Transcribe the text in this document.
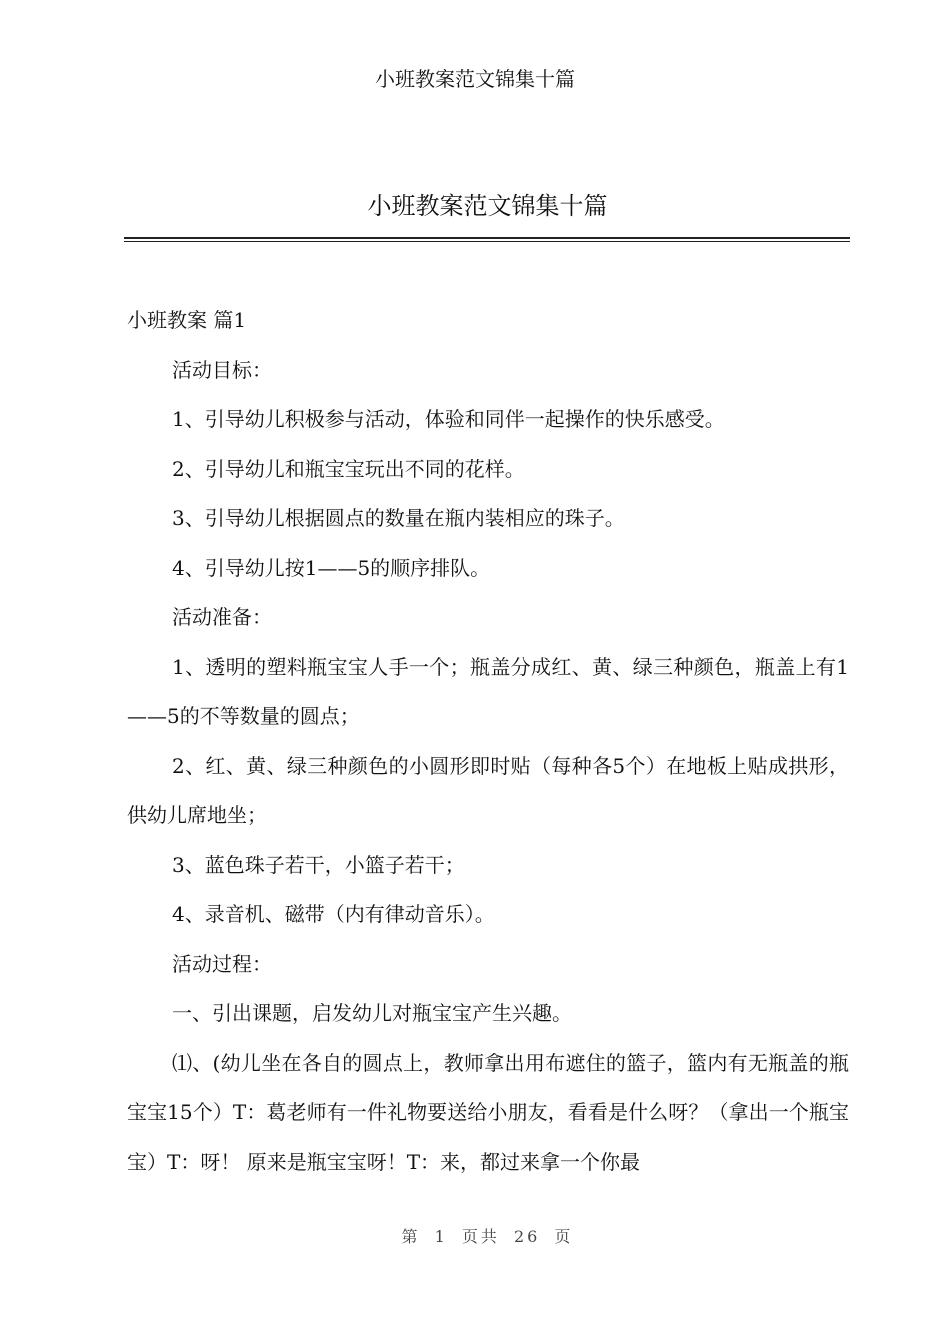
小班教案范文锦集十篇
小班教案范文锦集十篇

小班教案 篇1

活动目标：

1、引导幼儿积极参与活动，体验和同伴一起操作的快乐感受。

2、引导幼儿和瓶宝宝玩出不同的花样。

3、引导幼儿根据圆点的数量在瓶内装相应的珠子。

4、引导幼儿按1——5的顺序排队。

活动准备：

1、透明的塑料瓶宝宝人手一个；瓶盖分成红、黄、绿三种颜色，瓶盖上有1——5的不等数量的圆点；

2、红、黄、绿三种颜色的小圆形即时贴（每种各5个）在地板上贴成拱形，供幼儿席地坐；

3、蓝色珠子若干，小篮子若干；

4、录音机、磁带（内有律动音乐）。

活动过程：

一、引出课题，启发幼儿对瓶宝宝产生兴趣。

⑴、(幼儿坐在各自的圆点上，教师拿出用布遮住的篮子，篮内有无瓶盖的瓶宝宝15个）T：葛老师有一件礼物要送给小朋友，看看是什么呀？（拿出一个瓶宝宝）T：呀！ 原来是瓶宝宝呀！T：来，都过来拿一个你最

第 1 页共 26 页
